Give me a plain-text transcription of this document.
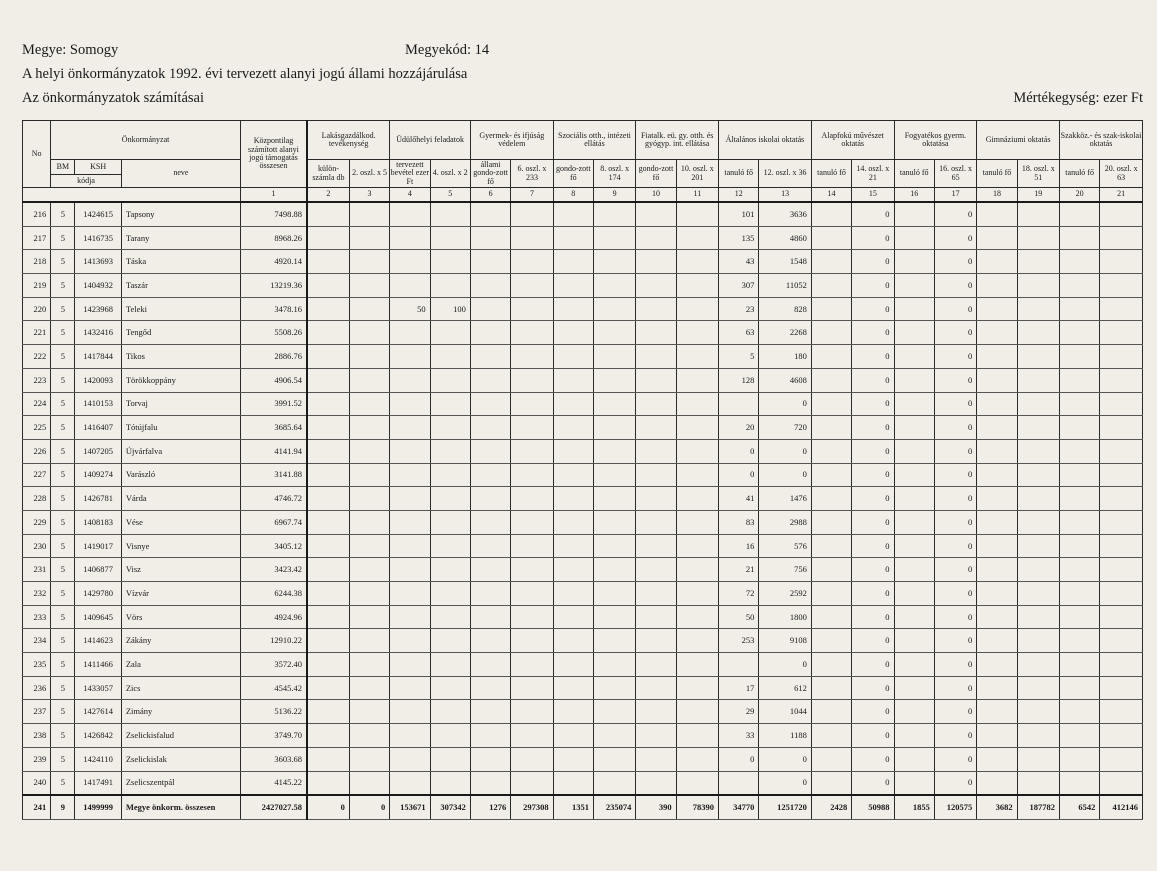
Megye: Somogy	Megyekód: 14
A helyi önkormányzatok 1992. évi tervezett alanyi jogú állami hozzájárulása
Az önkormányzatok számításai	Mértékegység: ezer Ft
No	Önkormányzat			Központilag számított alanyi jogú támogatás összesen	Lakásgazdálkod. tevékenység		Üdülőhelyi feladatok		Gyermek- és ifjúság védelem		Szociális otth., intézeti ellátás		Fiatalk. eü. gy. otth. és gyógyp. int. ellátása		Általános iskolai oktatás		Alapfokú művészet oktatás		Fogyatékos gyerm. oktatása		Gimnáziumi oktatás		Szakköz.- és szak-iskolai oktatás	
	BM	KSH	neve		külön-számla db	2. oszl. x 5	tervezett bevétel ezer Ft	4. oszl. x 2	állami gondo-zott fő	6. oszl. x 233	gondo-zott fő	8. oszl. x 174	gondo-zott fő	10. oszl. x 201	tanuló fő	12. oszl. x 36	tanuló fő	14. oszl. x 21	tanuló fő	16. oszl. x 65	tanuló fő	18. oszl. x 51	tanuló fő	20. oszl. x 63
	kódja																							
				1	2	3	4	5	6	7	8	9	10	11	12	13	14	15	16	17	18	19	20	21
216	5	1424615	Tapsony	7498.88											101	3636		0		0				
217	5	1416735	Tarany	8968.26											135	4860		0		0				
218	5	1413693	Táska	4920.14											43	1548		0		0				
219	5	1404932	Taszár	13219.36											307	11052		0		0				
220	5	1423968	Teleki	3478.16			50	100							23	828		0		0				
221	5	1432416	Tengőd	5508.26											63	2268		0		0				
222	5	1417844	Tikos	2886.76											5	180		0		0				
223	5	1420093	Törökkoppány	4906.54											128	4608		0		0				
224	5	1410153	Torvaj	3991.52												0		0		0				
225	5	1416407	Tótújfalu	3685.64											20	720		0		0				
226	5	1407205	Újvárfalva	4141.94											0	0		0		0				
227	5	1409274	Varászló	3141.88											0	0		0		0				
228	5	1426781	Várda	4746.72											41	1476		0		0				
229	5	1408183	Vése	6967.74											83	2988		0		0				
230	5	1419017	Visnye	3405.12											16	576		0		0				
231	5	1406877	Visz	3423.42											21	756		0		0				
232	5	1429780	Vízvár	6244.38											72	2592		0		0				
233	5	1409645	Vörs	4924.96											50	1800		0		0				
234	5	1414623	Zákány	12910.22											253	9108		0		0				
235	5	1411466	Zala	3572.40												0		0		0				
236	5	1433057	Zics	4545.42											17	612		0		0				
237	5	1427614	Zimány	5136.22											29	1044		0		0				
238	5	1426842	Zselickisfalud	3749.70											33	1188		0		0				
239	5	1424110	Zselickislak	3603.68											0	0		0		0				
240	5	1417491	Zselicszentpál	4145.22												0		0		0				
241	9	1499999	Megye önkorm. összesen	2427027.58	0	0	153671	307342	1276	297308	1351	235074	390	78390	34770	1251720	2428	50988	1855	120575	3682	187782	6542	412146
